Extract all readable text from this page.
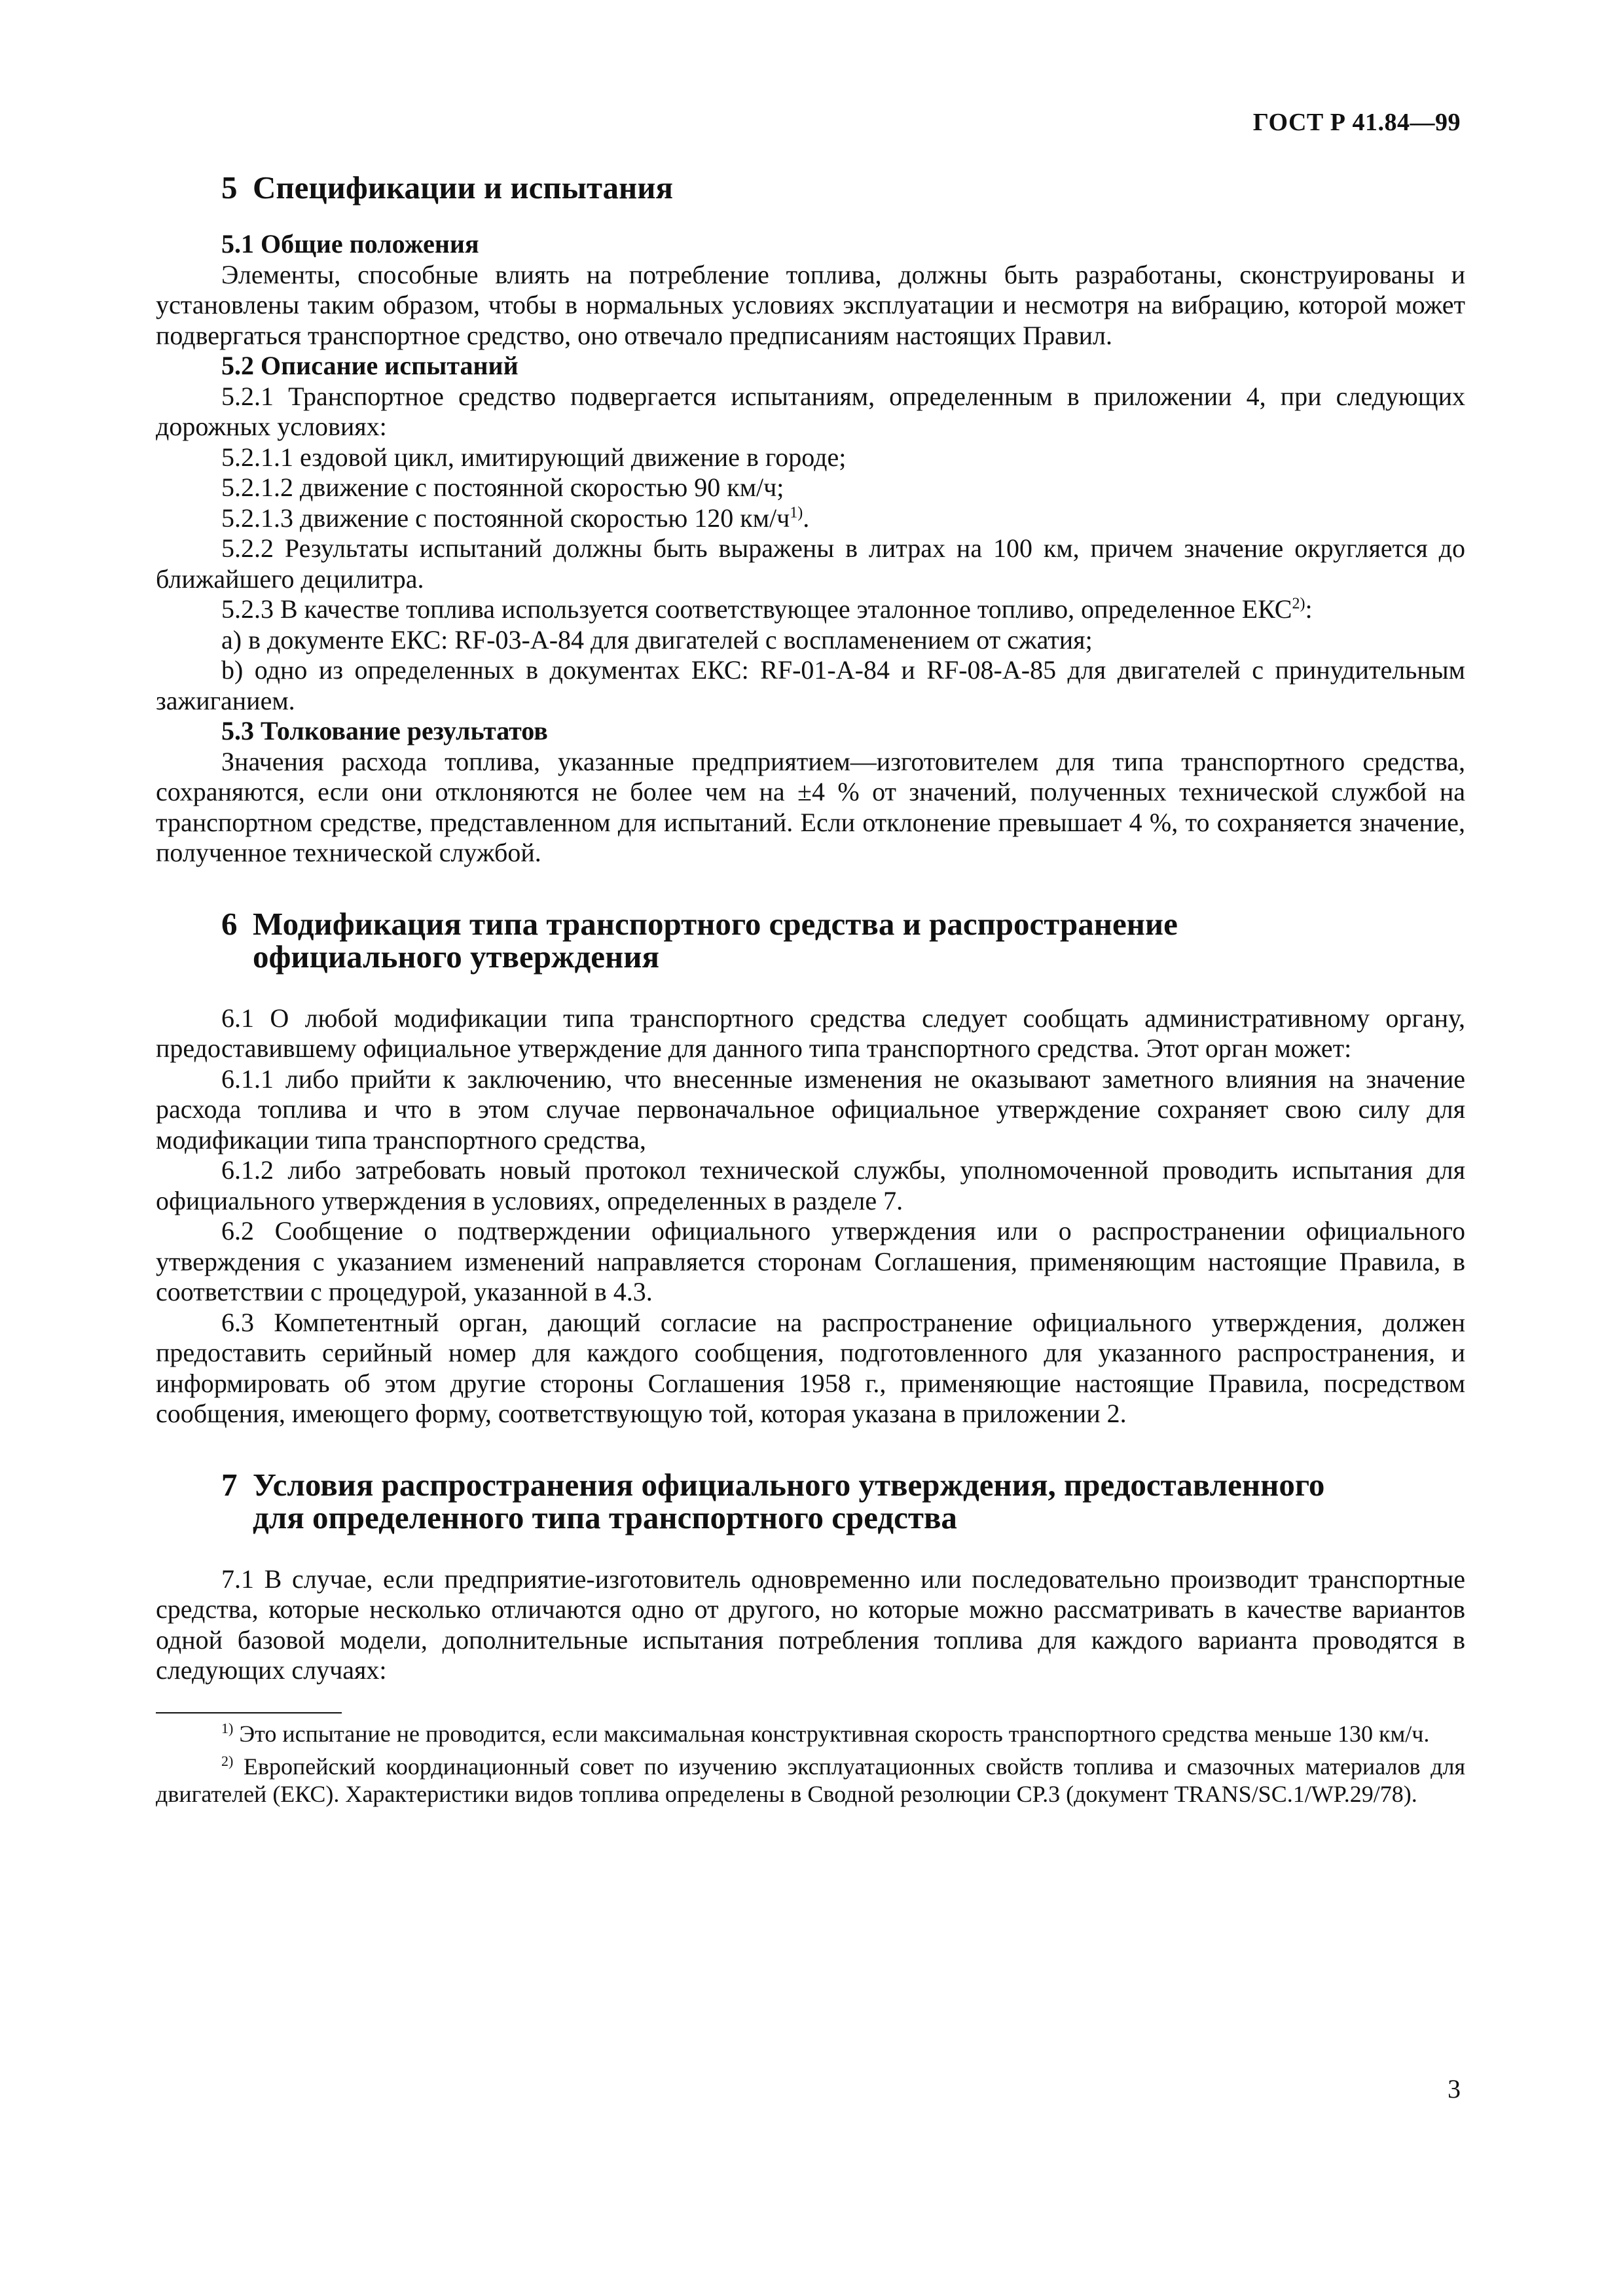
ГОСТ Р 41.84—99
5 Спецификации и испытания
5.1 Общие положения

Элементы, способные влиять на потребление топлива, должны быть разработаны, сконструированы и установлены таким образом, чтобы в нормальных условиях эксплуатации и несмотря на вибрацию, которой может подвергаться транспортное средство, оно отвечало предписаниям настоящих Правил.

5.2 Описание испытаний

5.2.1 Транспортное средство подвергается испытаниям, определенным в приложении 4, при следующих дорожных условиях:

5.2.1.1 ездовой цикл, имитирующий движение в городе;

5.2.1.2 движение с постоянной скоростью 90 км/ч;

5.2.1.3 движение с постоянной скоростью 120 $км/ч^{1)}$.

5.2.2 Результаты испытаний должны быть выражены в литрах на 100 км, причем значение округляется до ближайшего децилитра.

5.2.3 В качестве топлива используется соответствующее эталонное топливо, определенное ЕКС$^{2)}$:

а) в документе ЕКС: RF-03-A-84 для двигателей с воспламенением от сжатия;

b) одно из определенных в документах ЕКС: RF-01-A-84 и RF-08-A-85 для двигателей с принудительным зажиганием.

5.3 Толкование результатов

Значения расхода топлива, указанные предприятием—изготовителем для типа транспортного средства, сохраняются, если они отклоняются не более чем на ±4 % от значений, полученных технической службой на транспортном средстве, представленном для испытаний. Если отклонение превышает 4 %, то сохраняется значение, полученное технической службой.

6 Модификация типа транспортного средства и распространение
официального утверждения

6.1 О любой модификации типа транспортного средства следует сообщать административному органу, предоставившему официальное утверждение для данного типа транспортного средства. Этот орган может:

6.1.1 либо прийти к заключению, что внесенные изменения не оказывают заметного влияния на значение расхода топлива и что в этом случае первоначальное официальное утверждение сохраняет свою силу для модификации типа транспортного средства,

6.1.2 либо затребовать новый протокол технической службы, уполномоченной проводить испытания для официального утверждения в условиях, определенных в разделе 7.

6.2 Сообщение о подтверждении официального утверждения или о распространении официального утверждения с указанием изменений направляется сторонам Соглашения, применяющим настоящие Правила, в соответствии с процедурой, указанной в 4.3.

6.3 Компетентный орган, дающий согласие на распространение официального утверждения, должен предоставить серийный номер для каждого сообщения, подготовленного для указанного распространения, и информировать об этом другие стороны Соглашения 1958 г., применяющие настоящие Правила, посредством сообщения, имеющего форму, соответствующую той, которая указана в приложении 2.

7 Условия распространения официального утверждения, предоставленного
для определенного типа транспортного средства

7.1 В случае, если предприятие-изготовитель одновременно или последовательно производит транспортные средства, которые несколько отличаются одно от другого, но которые можно рассматривать в качестве вариантов одной базовой модели, дополнительные испытания потребления топлива для каждого варианта проводятся в следующих случаях:

$^{1)}$ Это испытание не проводится, если максимальная конструктивная скорость транспортного средства меньше 130 км/ч.

$^{2)}$ Европейский координационный совет по изучению эксплуатационных свойств топлива и смазочных материалов для двигателей (ЕКС). Характеристики видов топлива определены в Сводной резолюции СР.3 (документ TRANS/SC.1/WP.29/78).

3
